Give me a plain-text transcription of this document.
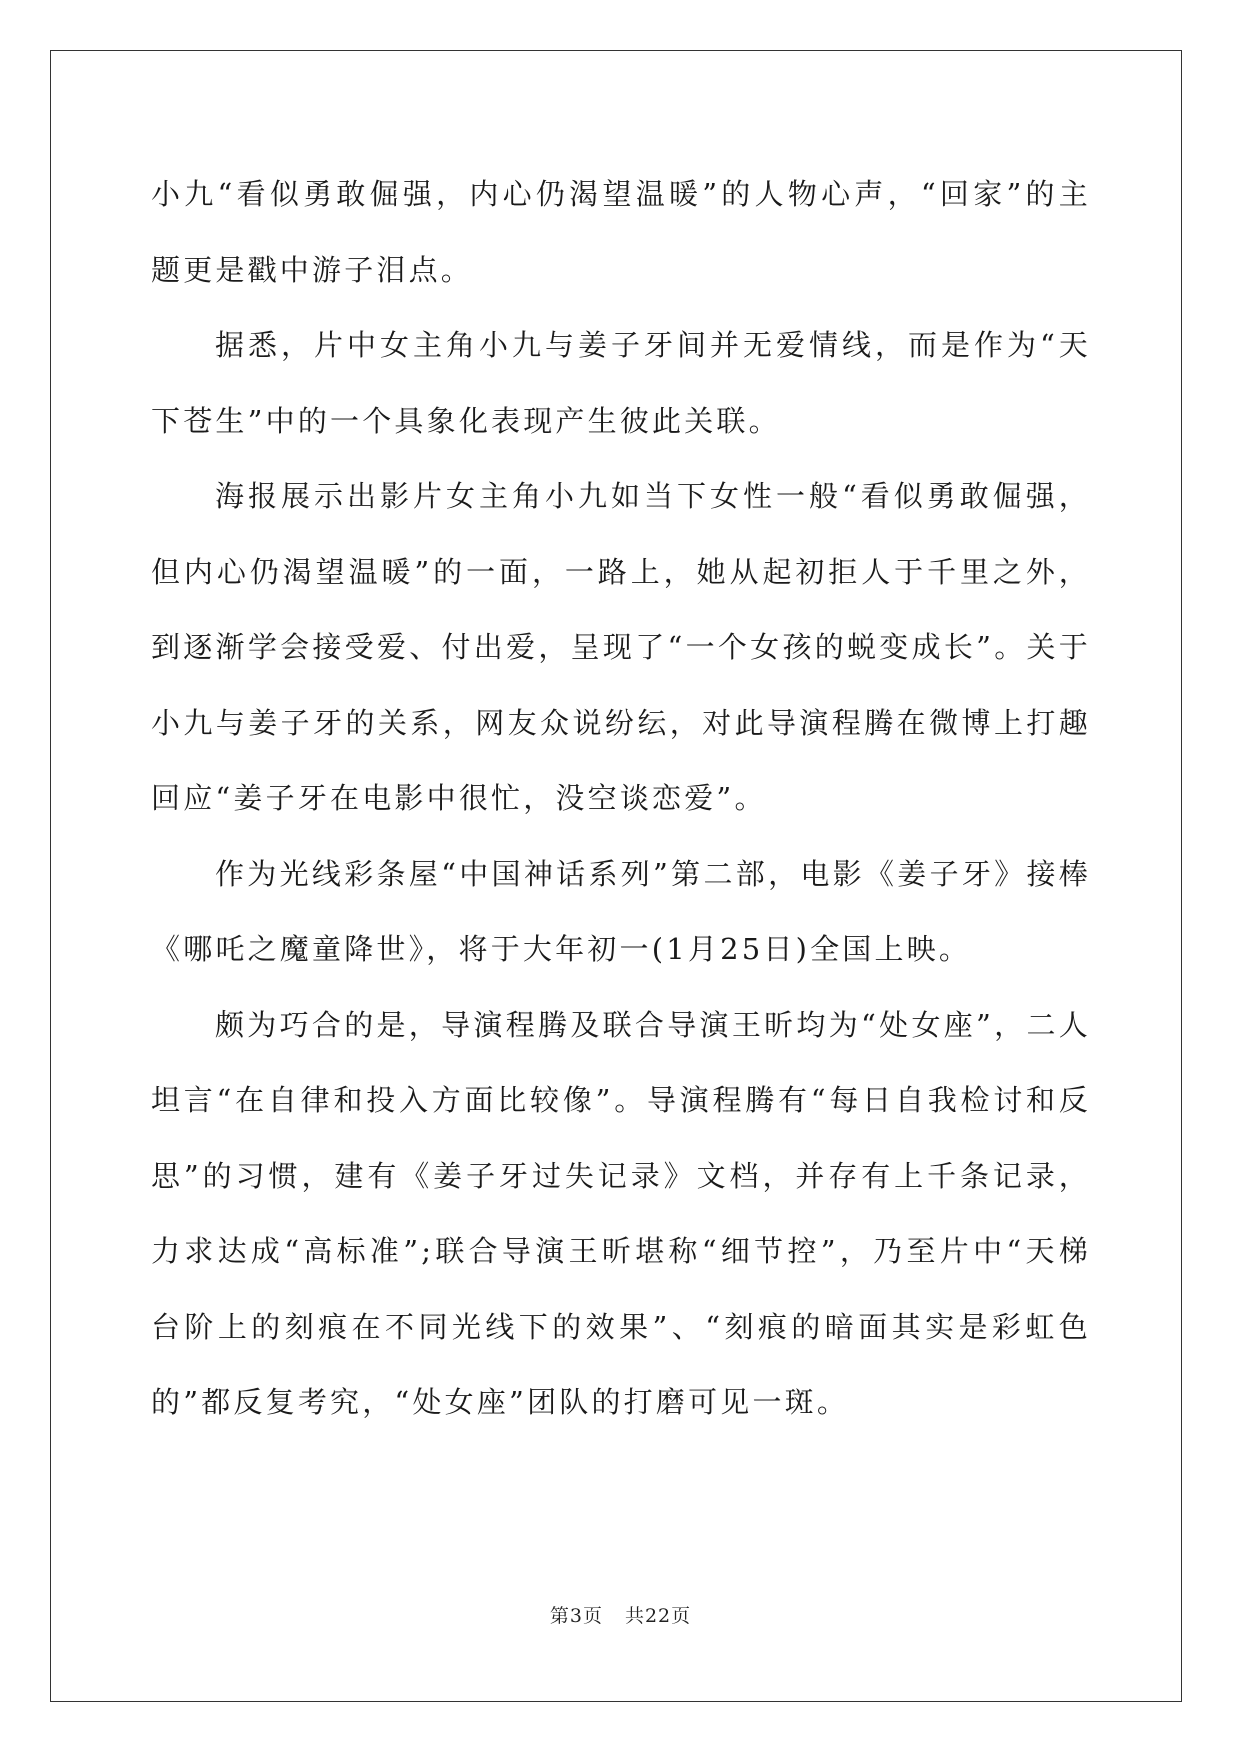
小九“看似勇敢倔强，内心仍渴望温暖”的人物心声，“回家”的主题更是戳中游子泪点。

据悉，片中女主角小九与姜子牙间并无爱情线，而是作为“天下苍生”中的一个具象化表现产生彼此关联。

海报展示出影片女主角小九如当下女性一般“看似勇敢倔强，但内心仍渴望温暖”的一面，一路上，她从起初拒人于千里之外，到逐渐学会接受爱、付出爱，呈现了“一个女孩的蜕变成长”。关于小九与姜子牙的关系，网友众说纷纭，对此导演程腾在微博上打趣回应“姜子牙在电影中很忙，没空谈恋爱”。

作为光线彩条屋“中国神话系列”第二部，电影《姜子牙》接棒《哪吒之魔童降世》，将于大年初一(1月25日)全国上映。

颇为巧合的是，导演程腾及联合导演王昕均为“处女座”，二人坦言“在自律和投入方面比较像”。导演程腾有“每日自我检讨和反思”的习惯，建有《姜子牙过失记录》文档，并存有上千条记录，力求达成“高标准”;联合导演王昕堪称“细节控”，乃至片中“天梯台阶上的刻痕在不同光线下的效果”、“刻痕的暗面其实是彩虹色的”都反复考究，“处女座”团队的打磨可见一斑。

第3页 共22页
